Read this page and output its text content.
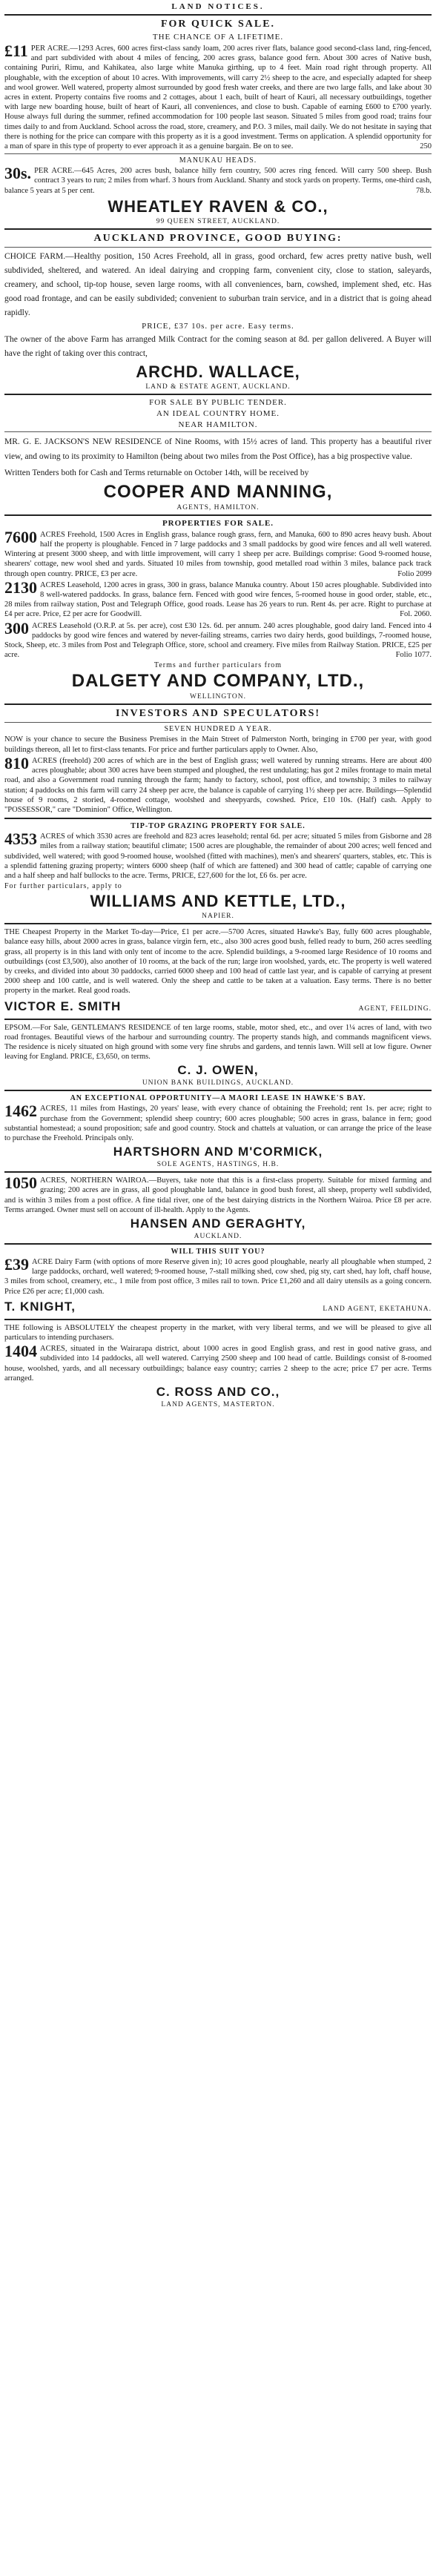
LAND NOTICES.
FOR QUICK SALE.
THE CHANCE OF A LIFETIME.
£11 PER ACRE.—1293 Acres, 600 acres first-class sandy loam, 200 acres river flats, balance good second-class land, ring-fenced, and part subdivided with about 4 miles of fencing, 200 acres grass, balance good fern. About 300 acres of Native bush, containing Puriri, Rimu, and Kahikatea, also large white Manuka girthing, up to 4 feet. Main road right through property. All ploughable, with the exception of about 10 acres. With improvements, will carry 2½ sheep to the acre, and especially adapted for sheep and wool grower. Well watered, property almost surrounded by good fresh water creeks, and there are two large falls, and lake about 30 acres in extent. Property contains five rooms and 2 cottages, about 1 each, built of heart of Kauri, all necessary outbuildings, together with large new boarding house, built of heart of Kauri, all conveniences, and close to bush. Capable of earning £600 to £700 yearly. House always full during the summer, refined accommodation for 100 people last season. Situated 5 miles from good road; trains four times daily to and from Auckland. School across the road, store, creamery, and P.O. 3 miles, mail daily. We do not hesitate in saying that there is nothing for the price can compare with this property as it is a good investment. Terms on application. A splendid opportunity for a man of spare in this type of property to ever approach it as a genuine bargain. Be on to see.	250
MANUKAU HEADS.
30s. PER ACRE.—645 Acres, 200 acres bush, balance hilly fern country, 500 acres ring fenced. Will carry 500 sheep. Bush contract 3 years to run; 2 miles from wharf. 3 hours from Auckland. Shanty and stock yards on property. Terms, one-third cash, balance 5 years at 5 per cent.	78.b.
WHEATLEY RAVEN & CO.,
99 QUEEN STREET, AUCKLAND.
AUCKLAND PROVINCE, GOOD BUYING:
CHOICE FARM.—Healthy position, 150 Acres Freehold, all in grass, good orchard, few acres pretty native bush, well subdivided, sheltered, and watered. An ideal dairying and cropping farm, convenient city, close to station, saleyards, creamery, and school, tip-top house, seven large rooms, with all conveniences, barn, cowshed, implement shed, etc. Has good road frontage, and can be easily subdivided; convenient to suburban train service, and in a district that is going ahead rapidly.
PRICE, £37 10s. per acre. Easy terms.
The owner of the above Farm has arranged Milk Contract for the coming season at 8d. per gallon delivered. A Buyer will have the right of taking over this contract,
ARCHD. WALLACE,
LAND & ESTATE AGENT, AUCKLAND.
FOR SALE BY PUBLIC TENDER.
AN IDEAL COUNTRY HOME.
NEAR HAMILTON.
MR. G. E. JACKSON'S NEW RESIDENCE of Nine Rooms, with 15½ acres of land. This property has a beautiful river view, and owing to its proximity to Hamilton (being about two miles from the Post Office), has a big prospective value.
Written Tenders both for Cash and Terms returnable on October 14th, will be received by
COOPER AND MANNING,
AGENTS, HAMILTON.
PROPERTIES FOR SALE.
7600 ACRES Freehold, 1500 Acres in English grass, balance rough grass, fern, and Manuka, 600 to 890 acres heavy bush. About half the property is ploughable. Fenced in 7 large paddocks and 3 small paddocks by good wire fences and all well watered. Wintering at present 3000 sheep, and with little improvement, will carry 1 sheep per acre. Buildings comprise: Good 9-roomed house, shearers' cottage, new wool shed and yards. Situated 10 miles from township, good metalled road within 3 miles, balance pack track through open country. PRICE, £3 per acre.	Folio 2099
2130 ACRES Leasehold, 1200 acres in grass, 300 in grass, balance Manuka country. About 150 acres ploughable. Subdivided into 8 well-watered paddocks. In grass, balance fern. Fenced with good wire fences, 5-roomed house in good order, stable, etc., 28 miles from railway station, Post and Telegraph Office, good roads. Lease has 26 years to run. Rent 4s. per acre. Right to purchase at £4 per acre. Price, £2 per acre for Goodwill.	Fol. 2060.
300 ACRES Leasehold (O.R.P. at 5s. per acre), cost £30 12s. 6d. per annum. 240 acres ploughable, good dairy land. Fenced into 4 paddocks by good wire fences and watered by never-failing streams, carries two dairy herds, good buildings, 7-roomed house, Stock, Sheep, etc. 3 miles from Post and Telegraph Office, store, school and creamery. Five miles from Railway Station. PRICE, £25 per acre.	Folio 1077.
Terms and further particulars from
DALGETY AND COMPANY, LTD.,
WELLINGTON.
INVESTORS AND SPECULATORS!
SEVEN HUNDRED A YEAR.
NOW is your chance to secure the Business Premises in the Main Street of Palmerston North, bringing in £700 per year, with good buildings thereon, all let to first-class tenants. For price and further particulars apply to Owner. Also,
810 ACRES (freehold) 200 acres of which are in the best of English grass; well watered by running streams. Here are about 400 acres ploughable; about 300 acres have been stumped and ploughed, the rest undulating; has got 2 miles frontage to main metal road, and also a Government road running through the farm; handy to factory, school, post office, and township; 3 miles to railway station; 4 paddocks on this farm will carry 24 sheep per acre, the balance is capable of carrying 1½ sheep per acre. Buildings—Splendid house of 9 rooms, 2 storied, 4-roomed cottage, woolshed and sheepyards, cowshed. Price, £10 10s. (Half) cash. Apply to "POSSESSOR," care "Dominion" Office, Wellington.
TIP-TOP GRAZING PROPERTY FOR SALE.
4353 ACRES of which 3530 acres are freehold and 823 acres leasehold; rental 6d. per acre; situated 5 miles from Gisborne and 28 miles from a railway station; beautiful climate; 1500 acres are ploughable, the remainder of about 200 acres; well fenced and subdivided, well watered; with good 9-roomed house, woolshed (fitted with machines), men's and shearers' quarters, stables, etc. This is a splendid fattening grazing property; winters 6000 sheep (half of which are fattened) and 300 head of cattle; capable of carrying one and a half sheep and half bullocks to the acre. Terms, PRICE, £27,600 for the lot, £6 6s. per acre.
For further particulars, apply to
WILLIAMS AND KETTLE, LTD.,
NAPIER.
THE Cheapest Property in the Market To-day—Price, £1 per acre.—5700 Acres, situated Hawke's Bay, fully 600 acres ploughable, balance easy hills, about 2000 acres in grass, balance virgin fern, etc., also 300 acres good bush, felled ready to burn, 260 acres seedling grass, all property is in this land with only tent of income to the acre. Splendid buildings, a 9-roomed large Residence of 10 rooms and outbuildings (cost £3,500), also another of 10 rooms, at the back of the run; large iron woolshed, yards, etc. The property is well watered by creeks, and divided into about 30 paddocks, carried 6000 sheep and 100 head of cattle last year, and is capable of carrying at present 2000 sheep and 100 cattle, and is well watered. Only the sheep and cattle to be taken at a valuation. Easy terms. There is no better property in the market. Real good roads.
VICTOR E. SMITH	AGENT, FEILDING.
EPSOM.—For Sale, GENTLEMAN'S RESIDENCE of ten large rooms, stable, motor shed, etc., and over 1¼ acres of land, with two road frontages. Beautiful views of the harbour and surrounding country. The property stands high, and commands magnificent views. The residence is nicely situated on high ground with some very fine shrubs and gardens, and tennis lawn. Will sell at low figure. Owner leaving for England. PRICE, £3,650, on terms.
C. J. OWEN,
UNION BANK BUILDINGS, AUCKLAND.
AN EXCEPTIONAL OPPORTUNITY—A MAORI LEASE IN HAWKE'S BAY.
1462 ACRES, 11 miles from Hastings, 20 years' lease, with every chance of obtaining the Freehold; rent 1s. per acre; right to purchase from the Government; splendid sheep country; 600 acres ploughable; 500 acres in grass, balance in fern; good substantial homestead; a sound proposition; safe and good country. Stock and chattels at valuation, or can arrange the price of the lease to purchase the Freehold. Principals only.
HARTSHORN AND M'CORMICK,
SOLE AGENTS, HASTINGS, H.B.
1050 ACRES, NORTHERN WAIROA.—Buyers, take note that this is a first-class property. Suitable for mixed farming and grazing; 200 acres are in grass, all good ploughable land, balance in good bush forest, all sheep, property well subdivided, and is within 3 miles from a post office. A fine tidal river, one of the best dairying districts in the Northern Wairoa. Price £8 per acre. Terms arranged. Owner must sell on account of ill-health. Apply to the Agents.
HANSEN AND GERAGHTY,
AUCKLAND.
WILL THIS SUIT YOU?
£39 ACRE Dairy Farm (with options of more Reserve given in); 10 acres good ploughable, nearly all ploughable when stumped, 2 large paddocks, orchard, well watered; 9-roomed house, 7-stall milking shed, cow shed, pig sty, cart shed, hay loft, chaff house, 3 miles from school, creamery, etc., 1 mile from post office, 3 miles rail to town. Price £1,260 and all dairy utensils as a going concern. Price £26 per acre; £1,000 cash.
T. KNIGHT,	LAND AGENT, EKETAHUNA.
THE following is ABSOLUTELY the cheapest property in the market, with very liberal terms, and we will be pleased to give all particulars to intending purchasers.
1404 ACRES, situated in the Wairarapa district, about 1000 acres in good English grass, and rest in good native grass, and subdivided into 14 paddocks, all well watered. Carrying 2500 sheep and 100 head of cattle. Buildings consist of 8-roomed house, woolshed, yards, and all necessary outbuildings; balance easy country; carries 2 sheep to the acre; price £7 per acre. Terms arranged.
C. ROSS AND CO.,
LAND AGENTS, MASTERTON.
